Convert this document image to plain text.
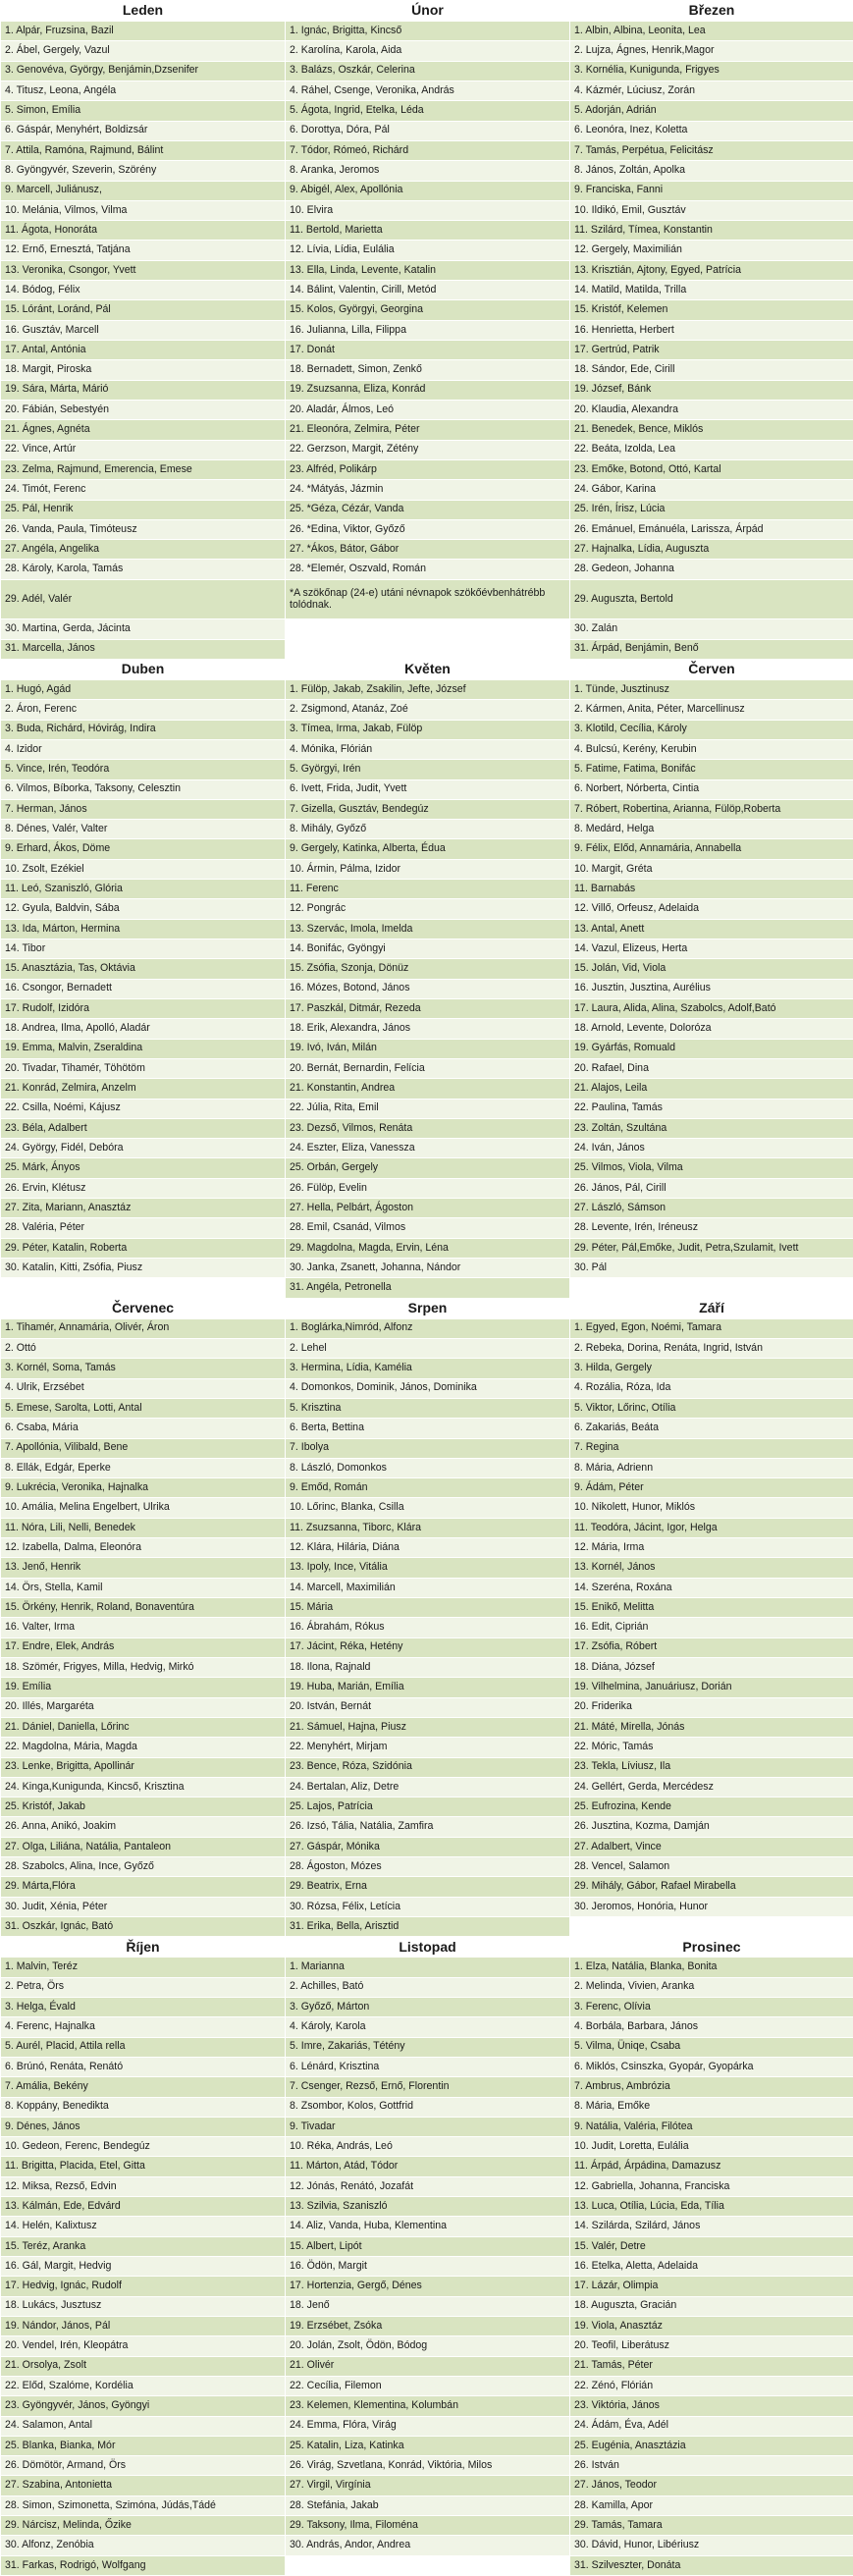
Leden	Únor	Březen
1. Alpár, Fruzsina, Bazil	1. Ignác, Brigitta, Kincső	1. Albin, Albina, Leonita, Lea
2. Ábel, Gergely, Vazul	2. Karolína, Karola, Aida	2. Lujza, Ágnes, Henrik,Magor
3. Genovéva, György, Benjámin,Dzsenifer	3. Balázs, Oszkár, Celerina	3. Kornélia, Kunigunda, Frigyes
4. Titusz, Leona, Angéla	4. Ráhel, Csenge, Veronika, András	4. Kázmér, Lúciusz, Zorán
5. Simon, Emília	5. Ágota, Ingrid, Etelka, Léda	5. Adorján, Adrián
6. Gáspár, Menyhért, Boldizsár	6. Dorottya, Dóra, Pál	6. Leonóra, Inez, Koletta
7. Attila, Ramóna, Rajmund, Bálint	7. Tódor, Rómeó, Richárd	7. Tamás, Perpétua, Felicitász
8. Gyöngyvér, Szeverin, Szörény	8. Aranka, Jeromos	8. János, Zoltán, Apolka
9. Marcell, Juliánusz,	9. Abigél, Alex, Apollónia	9. Franciska, Fanni
10. Melánia, Vilmos, Vilma	10. Elvira	10. Ildikó, Emil, Gusztáv
11. Ágota, Honoráta	11. Bertold, Marietta	11. Szilárd, Tímea, Konstantin
12. Ernő, Ernesztá, Tatjána	12. Lívia, Lídia, Eulália	12. Gergely, Maximilián
13. Veronika, Csongor, Yvett	13. Ella, Linda, Levente, Katalin	13. Krisztián, Ajtony, Egyed, Patrícia
14. Bódog, Félix	14. Bálint, Valentin, Cirill, Metód	14. Matild, Matilda, Trilla
15. Lóránt, Loránd, Pál	15. Kolos, Györgyi, Georgina	15. Kristóf, Kelemen
16. Gusztáv, Marcell	16. Julianna, Lilla, Filippa	16. Henrietta, Herbert
17. Antal, Antónia	17. Donát	17. Gertrúd, Patrik
18. Margit, Piroska	18. Bernadett, Simon, Zenkő	18. Sándor, Ede, Cirill
19. Sára, Márta, Márió	19. Zsuzsanna, Eliza, Konrád	19. József, Bánk
20. Fábián, Sebestyén	20. Aladár, Álmos, Leó	20. Klaudia, Alexandra
21. Ágnes, Agnéta	21. Eleonóra, Zelmira, Péter	21. Benedek, Bence, Miklós
22. Vince, Artúr	22. Gerzson, Margit, Zétény	22. Beáta, Izolda, Lea
23. Zelma, Rajmund, Emerencia, Emese	23. Alfréd, Polikárp	23. Emőke, Botond, Ottó, Kartal
24. Timót, Ferenc	24. *Mátyás, Jázmin	24. Gábor, Karina
25. Pál, Henrik	25. *Géza, Cézár, Vanda	25. Irén, Írisz, Lúcia
26. Vanda, Paula, Timóteusz	26. *Edina, Viktor, Győző	26. Emánuel, Emánuéla, Larissza, Árpád
27. Angéla, Angelika	27. *Ákos, Bátor, Gábor	27. Hajnalka, Lídia, Auguszta
28. Károly, Karola, Tamás	28. *Elemér, Oszvald, Román	28. Gedeon, Johanna
29. Adél, Valér	*A szökőnap (24-e) utáni névnapok szökőévbenhátrébb tolódnak.	29. Auguszta, Bertold
30. Martina, Gerda, Jácinta		30. Zalán
31. Marcella, János		31. Árpád, Benjámin, Benő
Duben	Květen	Červen
1. Hugó, Agád	1. Fülöp, Jakab, Zsakilin, Jefte, József	1. Tünde, Jusztinusz
2. Áron, Ferenc	2. Zsigmond, Atanáz, Zoé	2. Kármen, Anita, Péter, Marcellinusz
3. Buda, Richárd, Hóvirág, Indira	3. Tímea, Irma, Jakab, Fülöp	3. Klotild, Cecília, Károly
4. Izidor	4. Mónika, Flórián	4. Bulcsú, Kerény, Kerubin
5. Vince, Irén, Teodóra	5. Györgyi, Irén	5. Fatime, Fatima, Bonifác
6. Vilmos, Bíborka, Taksony, Celesztin	6. Ivett, Frida, Judit, Yvett	6. Norbert, Nórberta, Cintia
7. Herman, János	7. Gizella, Gusztáv, Bendegúz	7. Róbert, Robertina, Arianna, Fülöp,Roberta
8. Dénes, Valér, Valter	8. Mihály, Győző	8. Medárd, Helga
9. Erhard, Ákos, Döme	9. Gergely, Katinka, Alberta, Édua	9. Félix, Előd, Annamária, Annabella
10. Zsolt, Ezékiel	10. Ármin, Pálma, Izidor	10. Margit, Gréta
11. Leó, Szaniszló, Glória	11. Ferenc	11. Barnabás
12. Gyula, Baldvin, Sába	12. Pongrác	12. Villő, Orfeusz, Adelaida
13. Ida, Márton, Hermina	13. Szervác, Imola, Imelda	13. Antal, Anett
14. Tibor	14. Bonifác, Gyöngyi	14. Vazul, Elizeus, Herta
15. Anasztázia, Tas, Oktávia	15. Zsófia, Szonja, Dönüz	15. Jolán, Vid, Viola
16. Csongor, Bernadett	16. Mózes, Botond, János	16. Jusztin, Jusztina, Aurélius
17. Rudolf, Izidóra	17. Paszkál, Ditmár, Rezeda	17. Laura, Alida, Alina, Szabolcs, Adolf,Bató
18. Andrea, Ilma, Apolló, Aladár	18. Erik, Alexandra, János	18. Arnold, Levente, Doloróza
19. Emma, Malvin, Zseraldina	19. Ivó, Iván, Milán	19. Gyárfás, Romuald
20. Tivadar, Tihamér, Töhötöm	20. Bernát, Bernardin, Felícia	20. Rafael, Dina
21. Konrád, Zelmira, Anzelm	21. Konstantin, Andrea	21. Alajos, Leila
22. Csilla, Noémi, Kájusz	22. Júlia, Rita, Emil	22. Paulina, Tamás
23. Béla, Adalbert	23. Dezső, Vilmos, Renáta	23. Zoltán, Szultána
24. György, Fidél, Debóra	24. Eszter, Eliza, Vanessza	24. Iván, János
25. Márk, Ányos	25. Orbán, Gergely	25. Vilmos, Viola, Vilma
26. Ervin, Klétusz	26. Fülöp, Evelin	26. János, Pál, Cirill
27. Zita, Mariann, Anasztáz	27. Hella, Pelbárt, Ágoston	27. László, Sámson
28. Valéria, Péter	28. Emil, Csanád, Vilmos	28. Levente, Irén, Iréneusz
29. Péter, Katalin, Roberta	29. Magdolna, Magda, Ervin, Léna	29. Péter, Pál,Emőke, Judit, Petra,Szulamit, Ivett
30. Katalin, Kitti, Zsófia, Piusz	30. Janka, Zsanett, Johanna, Nándor	30. Pál
	31. Angéla, Petronella	
Červenec	Srpen	Září
1. Tihamér, Annamária, Olivér, Áron	1. Boglárka,Nimród, Alfonz	1. Egyed, Egon, Noémi, Tamara
2. Ottó	2. Lehel	2. Rebeka, Dorina, Renáta, Ingrid, István
3. Kornél, Soma, Tamás	3. Hermina, Lídia, Kamélia	3. Hilda, Gergely
4. Ulrik, Erzsébet	4. Domonkos, Dominik, János, Dominika	4. Rozália, Róza, Ida
5. Emese, Sarolta, Lotti, Antal	5. Krisztina	5. Viktor, Lőrinc, Otília
6. Csaba, Mária	6. Berta, Bettina	6. Zakariás, Beáta
7. Apollónia, Vilibald, Bene	7. Ibolya	7. Regina
8. Ellák, Edgár, Eperke	8. László, Domonkos	8. Mária, Adrienn
9. Lukrécia, Veronika, Hajnalka	9. Emőd, Román	9. Ádám, Péter
10. Amália, Melina Engelbert, Ulrika	10. Lőrinc, Blanka, Csilla	10. Nikolett, Hunor, Miklós
11. Nóra, Lili, Nelli, Benedek	11. Zsuzsanna, Tiborc, Klára	11. Teodóra, Jácint, Igor, Helga
12. Izabella, Dalma, Eleonóra	12. Klára, Hilária, Diána	12. Mária, Irma
13. Jenő, Henrik	13. Ipoly, Ince, Vitália	13. Kornél, János
14. Örs, Stella, Kamil	14. Marcell, Maximilián	14. Szeréna, Roxána
15. Örkény, Henrik, Roland, Bonaventúra	15. Mária	15. Enikő, Melitta
16. Valter, Irma	16. Ábrahám, Rókus	16. Edit, Ciprián
17. Endre, Elek, András	17. Jácint, Réka, Hetény	17. Zsófia, Róbert
18. Szömér, Frigyes, Milla, Hedvig, Mirkó	18. Ilona, Rajnald	18. Diána, József
19. Emília	19. Huba, Marián, Emília	19. Vilhelmina, Januáriusz, Dorián
20. Illés, Margaréta	20. István, Bernát	20. Friderika
21. Dániel, Daniella, Lőrinc	21. Sámuel, Hajna, Piusz	21. Máté, Mirella, Jónás
22. Magdolna, Mária, Magda	22. Menyhért, Mirjam	22. Móric, Tamás
23. Lenke, Brigitta, Apollinár	23. Bence, Róza, Szidónia	23. Tekla, Líviusz, Ila
24. Kinga,Kunigunda, Kincső, Krisztina	24. Bertalan, Aliz, Detre	24. Gellért, Gerda, Mercédesz
25. Kristóf, Jakab	25. Lajos, Patrícia	25. Eufrozina, Kende
26. Anna, Anikó, Joakim	26. Izsó, Tália, Natália, Zamfira	26. Jusztina, Kozma, Damján
27. Olga, Liliána, Natália, Pantaleon	27. Gáspár, Mónika	27. Adalbert, Vince
28. Szabolcs, Alina, Ince, Győző	28. Ágoston, Mózes	28. Vencel, Salamon
29. Márta,Flóra	29. Beatrix, Erna	29. Mihály, Gábor, Rafael Mirabella
30. Judit, Xénia, Péter	30. Rózsa, Félix, Letícia	30. Jeromos, Honória, Hunor
31. Oszkár, Ignác, Bató	31. Erika, Bella, Arisztid	
Říjen	Listopad	Prosinec
1. Malvin, Teréz	1. Marianna	1. Elza, Natália, Blanka, Bonita
2. Petra, Örs	2. Achilles, Bató	2. Melinda, Vivien, Aranka
3. Helga, Évald	3. Győző, Márton	3. Ferenc, Olívia
4. Ferenc, Hajnalka	4. Károly, Karola	4. Borbála, Barbara, János
5. Aurél, Placid, Attila rella	5. Imre, Zakariás, Tétény	5. Vilma, Üniqe, Csaba
6. Brúnó, Renáta, Renátó	6. Lénárd, Krisztina	6. Miklós, Csinszka, Gyopár, Gyopárka
7. Amália, Bekény	7. Csenger, Rezső, Ernő, Florentin	7. Ambrus, Ambrózia
8. Koppány, Benedikta	8. Zsombor, Kolos, Gottfrid	8. Mária, Emőke
9. Dénes, János	9. Tivadar	9. Natália, Valéria, Filótea
10. Gedeon, Ferenc, Bendegúz	10. Réka, András, Leó	10. Judit, Loretta, Eulália
11. Brigitta, Placida, Etel, Gitta	11. Márton, Atád, Tódor	11. Árpád, Árpádina, Damazusz
12. Miksa, Rezső, Edvin	12. Jónás, Renátó, Jozafát	12. Gabriella, Johanna, Franciska
13. Kálmán, Ede, Edvárd	13. Szilvia, Szaniszló	13. Luca, Otília, Lúcia, Eda, Tília
14. Helén, Kalixtusz	14. Aliz, Vanda, Huba, Klementina	14. Szilárda, Szilárd, János
15. Teréz, Aranka	15. Albert, Lipót	15. Valér, Detre
16. Gál, Margit, Hedvig	16. Ödön, Margit	16. Etelka, Aletta, Adelaida
17. Hedvig, Ignác, Rudolf	17. Hortenzia, Gergő, Dénes	17. Lázár, Olimpia
18. Lukács, Jusztusz	18. Jenő	18. Auguszta, Gracián
19. Nándor, János, Pál	19. Erzsébet, Zsóka	19. Viola, Anasztáz
20. Vendel, Irén, Kleopátra	20. Jolán, Zsolt, Ödön, Bódog	20. Teofil, Liberátusz
21. Orsolya, Zsolt	21. Olivér	21. Tamás, Péter
22. Előd, Szalóme, Kordélia	22. Cecília, Filemon	22. Zénó, Flórián
23. Gyöngyvér, János, Gyöngyi	23. Kelemen, Klementina, Kolumbán	23. Viktória, János
24. Salamon, Antal	24. Emma, Flóra, Virág	24. Ádám, Éva, Adél
25. Blanka, Bianka, Mór	25. Katalin, Liza, Katinka	25. Eugénia, Anasztázia
26. Dömötör, Armand, Örs	26. Virág, Szvetlana, Konrád, Viktória, Milos	26. István
27. Szabina, Antonietta	27. Virgil, Virgínia	27. János, Teodor
28. Simon, Szimonetta, Szimóna, Júdás,Tádé	28. Stefánia, Jakab	28. Kamilla, Apor
29. Nárcisz, Melinda, Őzike	29. Taksony, Ilma, Filoména	29. Tamás, Tamara
30. Alfonz, Zenóbia	30. András, Andor, Andrea	30. Dávid, Hunor, Libériusz
31. Farkas, Rodrigó, Wolfgang		31. Szilveszter, Donáta
